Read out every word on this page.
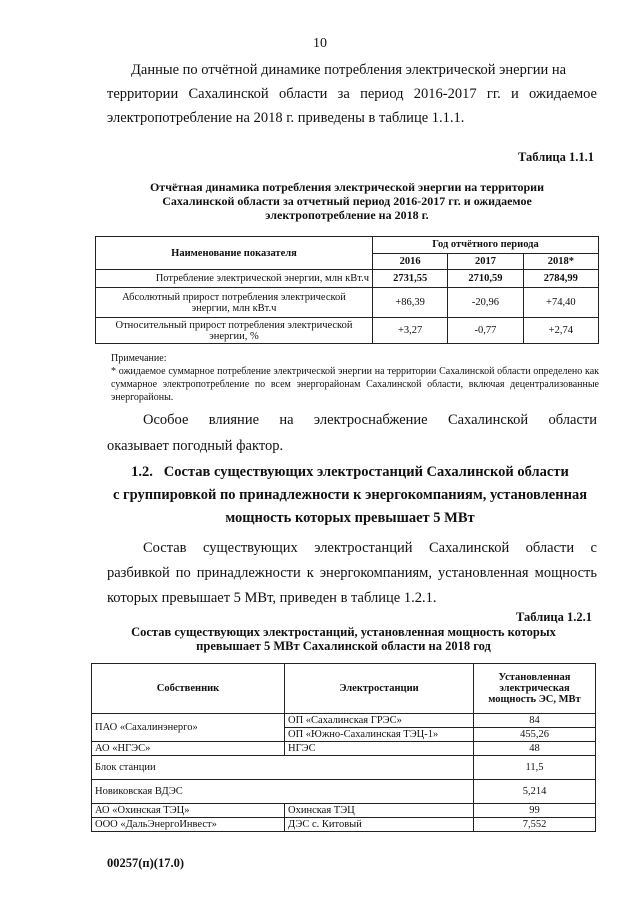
10
Данные по отчётной динамике потребления электрической энергии на
территории Сахалинской области за период 2016-2017 гг. и ожидаемое
электропотребление на 2018 г. приведены в таблице 1.1.1.
Таблица 1.1.1
Отчётная динамика потребления электрической энергии на территории
Сахалинской области за отчетный период 2016-2017 гг. и ожидаемое
электропотребление на 2018 г.
Наименование показателя	Год отчётного периода		
	2016	2017	2018*
Потребление электрической энергии, млн кВт.ч	2731,55	2710,59	2784,99
Абсолютный прирост потребления электрической энергии, млн кВт.ч	+86,39	-20,96	+74,40
Относительный прирост потребления электрической энергии, %	+3,27	-0,77	+2,74
Примечание:
* ожидаемое суммарное потребление электрической энергии на территории Сахалинской области определено как суммарное электропотребление по всем энергорайонам Сахалинской области, включая децентрализованные энергорайоны.
Особое влияние на электроснабжение Сахалинской области
оказывает погодный фактор.
1.2. Состав существующих электростанций Сахалинской области
с группировкой по принадлежности к энергокомпаниям, установленная
мощность которых превышает 5 МВт
Состав существующих электростанций Сахалинской области с
разбивкой по принадлежности к энергокомпаниям, установленная мощность
которых превышает 5 МВт, приведен в таблице 1.2.1.
Таблица 1.2.1
Состав существующих электростанций, установленная мощность которых
превышает 5 МВт Сахалинской области на 2018 год
Собственник	Электростанции	Установленная электрическая мощность ЭС, МВт
ПАО «Сахалинэнерго»	ОП «Сахалинская ГРЭС»	84
	ОП «Южно-Сахалинская ТЭЦ-1»	455,26
АО «НГЭС»	НГЭС	48
Блок станции		11,5
Новиковская ВДЭС		5,214
АО «Охинская ТЭЦ»	Охинская ТЭЦ	99
ООО «ДальЭнергоИнвест»	ДЭС с. Китовый	7,552
00257(п)(17.0)
